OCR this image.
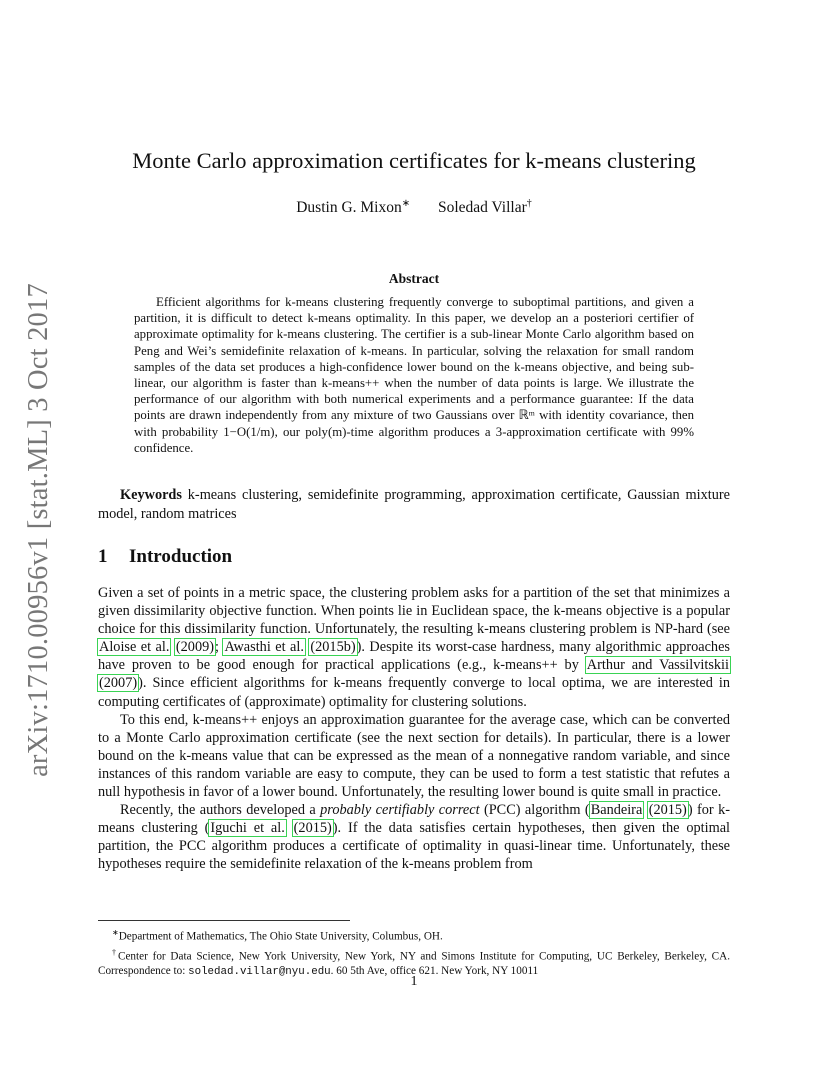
arXiv:1710.00956v1 [stat.ML] 3 Oct 2017
Monte Carlo approximation certificates for k-means clustering
Dustin G. Mixon∗ Soledad Villar†
Abstract

Efficient algorithms for k-means clustering frequently converge to suboptimal partitions, and given a partition, it is difficult to detect k-means optimality. In this paper, we develop an a posteriori certifier of approximate optimality for k-means clustering. The certifier is a sub-linear Monte Carlo algorithm based on Peng and Wei’s semidefinite relaxation of k-means. In particular, solving the relaxation for small random samples of the data set produces a high-confidence lower bound on the k-means objective, and being sub-linear, our algorithm is faster than k-means++ when the number of data points is large. We illustrate the performance of our algorithm with both numerical experiments and a performance guarantee: If the data points are drawn independently from any mixture of two Gaussians over ℝᵐ with identity covariance, then with probability 1−O(1/m), our poly(m)-time algorithm produces a 3-approximation certificate with 99% confidence.

Keywords k-means clustering, semidefinite programming, approximation certificate, Gaussian mixture model, random matrices

1 Introduction

Given a set of points in a metric space, the clustering problem asks for a partition of the set that minimizes a given dissimilarity objective function. When points lie in Euclidean space, the k-means objective is a popular choice for this dissimilarity function. Unfortunately, the resulting k-means clustering problem is NP-hard (see Aloise et al. (2009); Awasthi et al. (2015b)). Despite its worst-case hardness, many algorithmic approaches have proven to be good enough for practical applications (e.g., k-means++ by Arthur and Vassilvitskii (2007)). Since efficient algorithms for k-means frequently converge to local optima, we are interested in computing certificates of (approximate) optimality for clustering solutions.

To this end, k-means++ enjoys an approximation guarantee for the average case, which can be converted to a Monte Carlo approximation certificate (see the next section for details). In particular, there is a lower bound on the k-means value that can be expressed as the mean of a nonnegative random variable, and since instances of this random variable are easy to compute, they can be used to form a test statistic that refutes a null hypothesis in favor of a lower bound. Unfortunately, the resulting lower bound is quite small in practice.

Recently, the authors developed a probably certifiably correct (PCC) algorithm (Bandeira (2015)) for k-means clustering (Iguchi et al. (2015)). If the data satisfies certain hypotheses, then given the optimal partition, the PCC algorithm produces a certificate of optimality in quasi-linear time. Unfortunately, these hypotheses require the semidefinite relaxation of the k-means problem from

∗Department of Mathematics, The Ohio State University, Columbus, OH.

†Center for Data Science, New York University, New York, NY and Simons Institute for Computing, UC Berkeley, Berkeley, CA. Correspondence to: soledad.villar@nyu.edu. 60 5th Ave, office 621. New York, NY 10011

1
